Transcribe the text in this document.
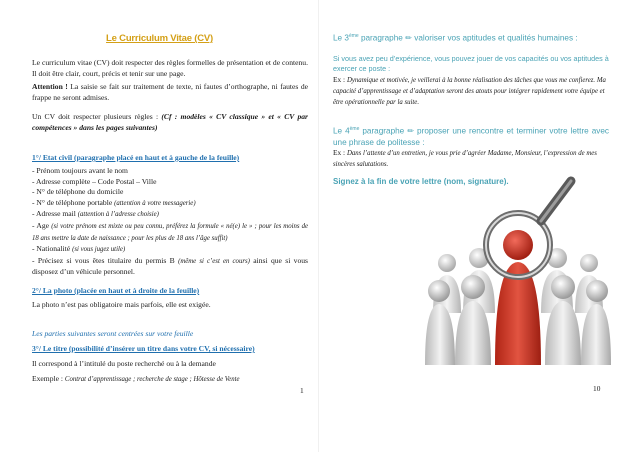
Le Curriculum Vitae (CV)
Le curriculum vitae (CV) doit respecter des règles formelles de présentation et de contenu. Il doit être clair, court, précis et tenir sur une page.
Attention ! La saisie se fait sur traitement de texte, ni fautes d’orthographe, ni fautes de frappe ne seront admises.
Un CV doit respecter plusieurs règles : (Cf : modèles « CV classique » et « CV par compétences » dans les pages suivantes)
1°/ Etat civil (paragraphe placé en haut et à gauche de la feuille)
- Prénom toujours avant le nom
- Adresse complète – Code Postal – Ville
- N° de téléphone du domicile
- N° de téléphone portable (attention à votre messagerie)
- Adresse mail (attention à l’adresse choisie)
- Age (si votre prénom est mixte ou peu connu, préférez la formule « né(e) le » ; pour les moins de 18 ans mettre la date de naissance ; pour les plus de 18 ans l’âge suffit)
- Nationalité (si vous jugez utile)
- Précisez si vous êtes titulaire du permis B (même si c’est en cours) ainsi que si vous disposez d’un véhicule personnel.
2°/ La photo (placée en haut et à droite de la feuille)
La photo n’est pas obligatoire mais parfois, elle est exigée.
Les parties suivantes seront centrées sur votre feuille
3°/ Le titre (possibilité d’insérer un titre dans votre CV, si nécessaire)
Il correspond à l’intitulé du poste recherché ou à la demande
Exemple : Contrat d’apprentissage ; recherche de stage ; Hôtesse de Vente
1
Le 3ème paragraphe ✏ valoriser vos aptitudes et qualités humaines :
Si vous avez peu d’expérience, vous pouvez jouer de vos capacités ou vos aptitudes à exercer ce poste :
Ex : Dynamique et motivée, je veillerai à la bonne réalisation des tâches que vous me confierez. Ma capacité d’apprentissage et d’adaptation seront des atouts pour intégrer rapidement votre équipe et être opérationnelle par la suite.
Le 4ème paragraphe ✏ proposer une rencontre et terminer votre lettre avec une phrase de politesse :
Ex : Dans l’attente d’un entretien, je vous prie d’agréer Madame, Monsieur, l’expression de mes sincères salutations.
Signez à la fin de votre lettre (nom, signature).
10
